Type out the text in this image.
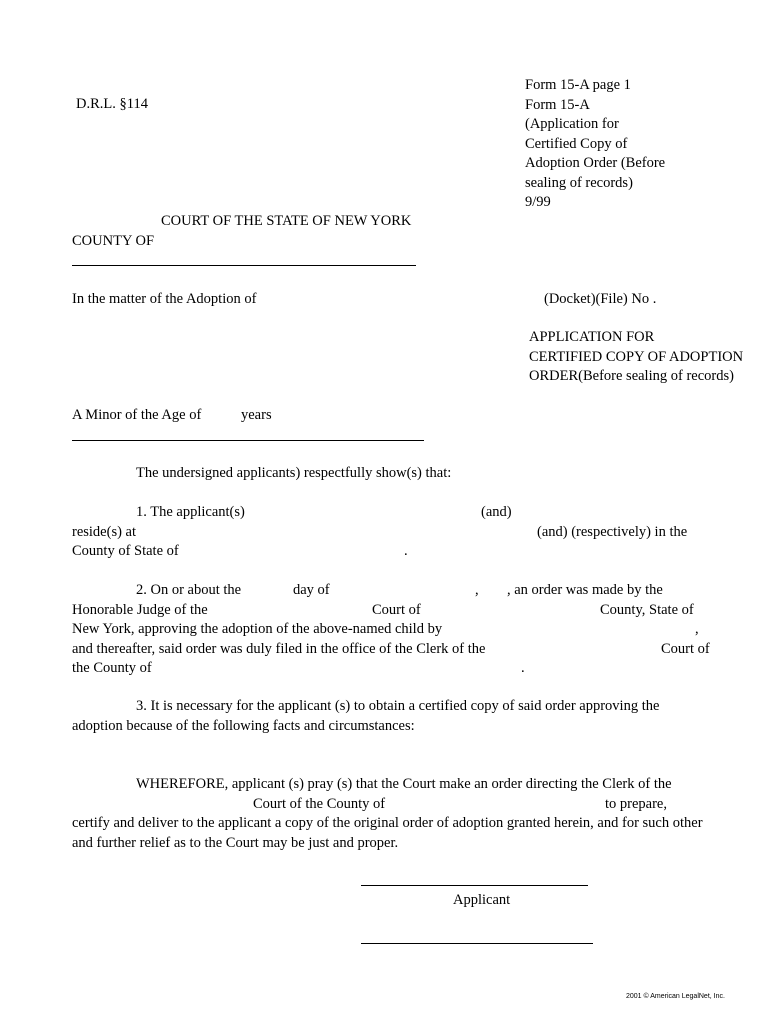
D.R.L. §114
Form 15-A page 1
Form 15-A
(Application for
Certified Copy of
Adoption Order (Before
sealing of records)
9/99
COURT OF THE STATE OF NEW YORK
COUNTY OF
In the matter of the Adoption of	(Docket)(File) No .
APPLICATION FOR
CERTIFIED COPY OF ADOPTION
ORDER(Before sealing of records)
A Minor of the Age of	years
The undersigned applicants) respectfully show(s) that:
1. The applicant(s)	(and)
reside(s) at	(and) (respectively) in the
County of State of	.
2. On or about the	day of	, , an order was made by the
Honorable Judge of the	Court of	County, State of
New York, approving the adoption of the above-named child by	,
and thereafter, said order was duly filed in the office of the Clerk of the	Court of
the County of	.
3. It is necessary for the applicant (s) to obtain a certified copy of said order approving the
adoption because of the following facts and circumstances:
WHEREFORE, applicant (s) pray (s) that the Court make an order directing the Clerk of the
Court of the County of	to prepare,
certify and deliver to the applicant a copy of the original order of adoption granted herein, and for such other
and further relief as to the Court may be just and proper.
Applicant
2001 © American LegalNet, Inc.
